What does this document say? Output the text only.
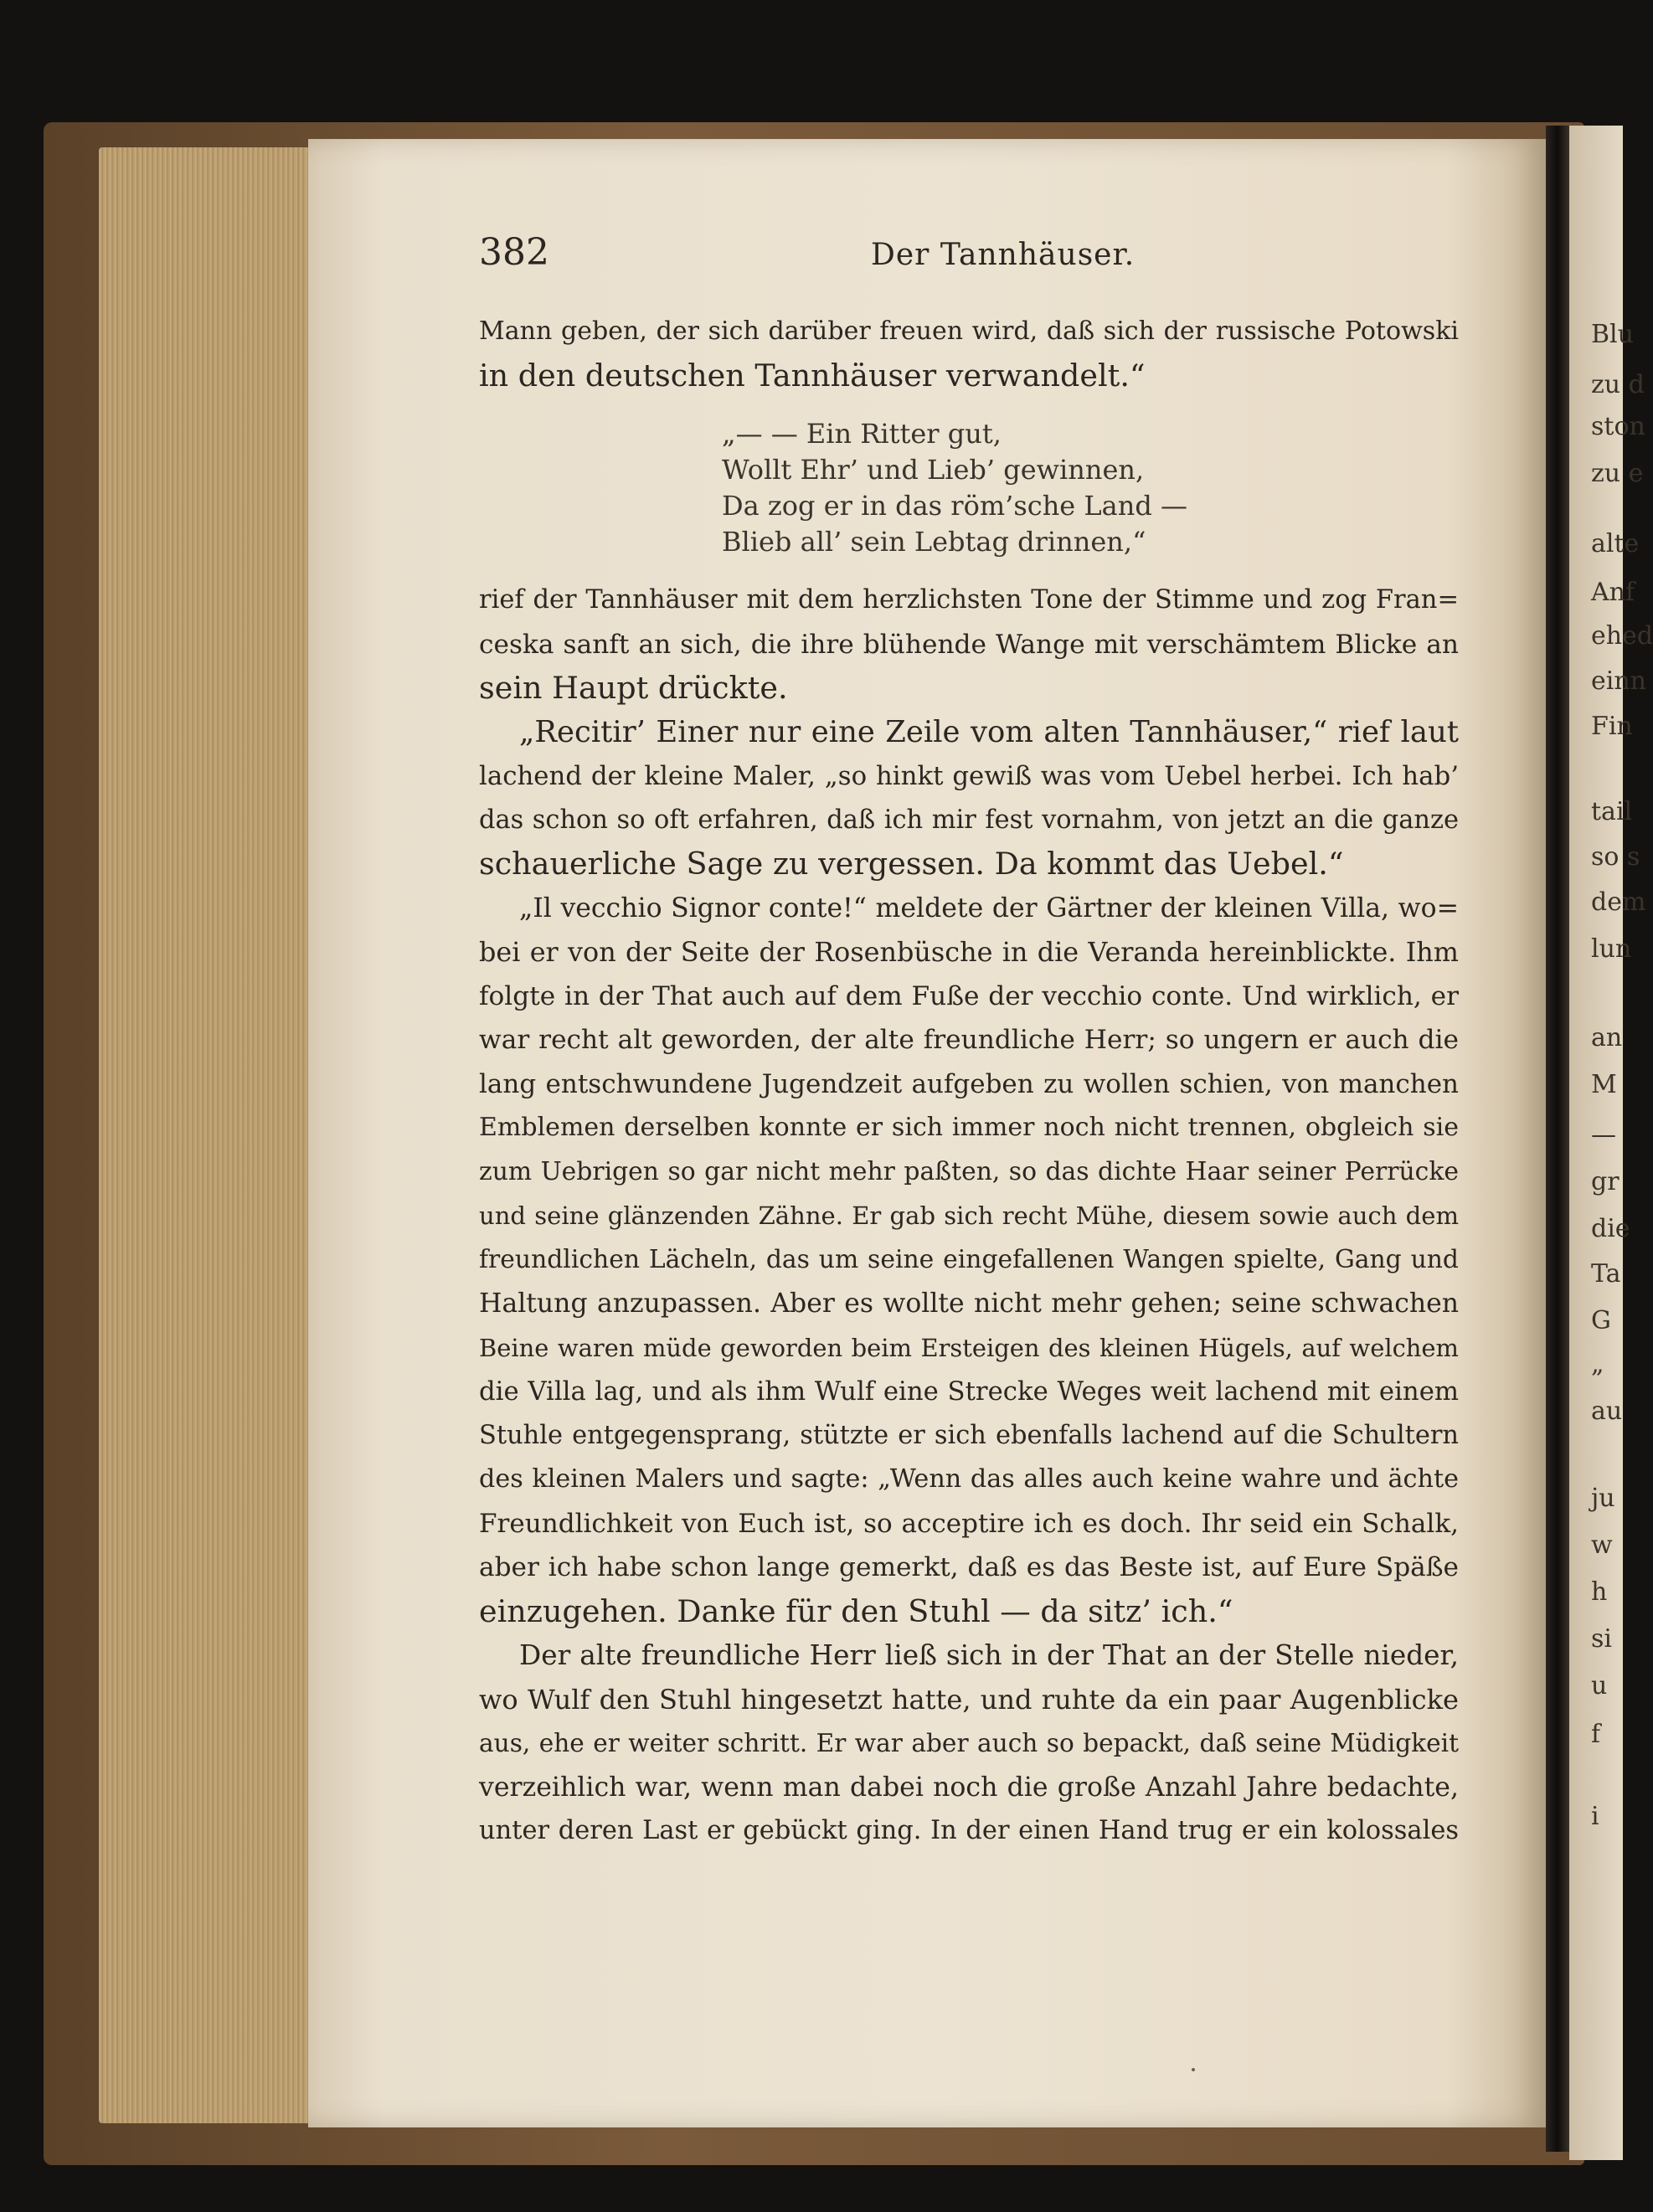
Blu
zu d
ston
zu e
alte
Anf
ehed
einn
Fin
tail
so s
dem
lun
an
M
—
gr
die
Ta
G
„
au
ju
w
h
si
u
f
i
382	Der Tannhäuser.
Mann geben, der sich darüber freuen wird, daß sich der russische Potowski
in den deutschen Tannhäuser verwandelt.“
„— — Ein Ritter gut,
Wollt Ehr’ und Lieb’ gewinnen,
Da zog er in das röm’sche Land —
Blieb all’ sein Lebtag drinnen,“
rief der Tannhäuser mit dem herzlichsten Tone der Stimme und zog Fran=
ceska sanft an sich, die ihre blühende Wange mit verschämtem Blicke an
sein Haupt drückte.
„Recitir’ Einer nur eine Zeile vom alten Tannhäuser,“ rief laut
lachend der kleine Maler, „so hinkt gewiß was vom Uebel herbei. Ich hab’
das schon so oft erfahren, daß ich mir fest vornahm, von jetzt an die ganze
schauerliche Sage zu vergessen. Da kommt das Uebel.“
„Il vecchio Signor conte!“ meldete der Gärtner der kleinen Villa, wo=
bei er von der Seite der Rosenbüsche in die Veranda hereinblickte. Ihm
folgte in der That auch auf dem Fuße der vecchio conte. Und wirklich, er
war recht alt geworden, der alte freundliche Herr; so ungern er auch die
lang entschwundene Jugendzeit aufgeben zu wollen schien, von manchen
Emblemen derselben konnte er sich immer noch nicht trennen, obgleich sie
zum Uebrigen so gar nicht mehr paßten, so das dichte Haar seiner Perrücke
und seine glänzenden Zähne. Er gab sich recht Mühe, diesem sowie auch dem
freundlichen Lächeln, das um seine eingefallenen Wangen spielte, Gang und
Haltung anzupassen. Aber es wollte nicht mehr gehen; seine schwachen
Beine waren müde geworden beim Ersteigen des kleinen Hügels, auf welchem
die Villa lag, und als ihm Wulf eine Strecke Weges weit lachend mit einem
Stuhle entgegensprang, stützte er sich ebenfalls lachend auf die Schultern
des kleinen Malers und sagte: „Wenn das alles auch keine wahre und ächte
Freundlichkeit von Euch ist, so acceptire ich es doch. Ihr seid ein Schalk,
aber ich habe schon lange gemerkt, daß es das Beste ist, auf Eure Späße
einzugehen. Danke für den Stuhl — da sitz’ ich.“
Der alte freundliche Herr ließ sich in der That an der Stelle nieder,
wo Wulf den Stuhl hingesetzt hatte, und ruhte da ein paar Augenblicke
aus, ehe er weiter schritt. Er war aber auch so bepackt, daß seine Müdigkeit
verzeihlich war, wenn man dabei noch die große Anzahl Jahre bedachte,
unter deren Last er gebückt ging. In der einen Hand trug er ein kolossales
